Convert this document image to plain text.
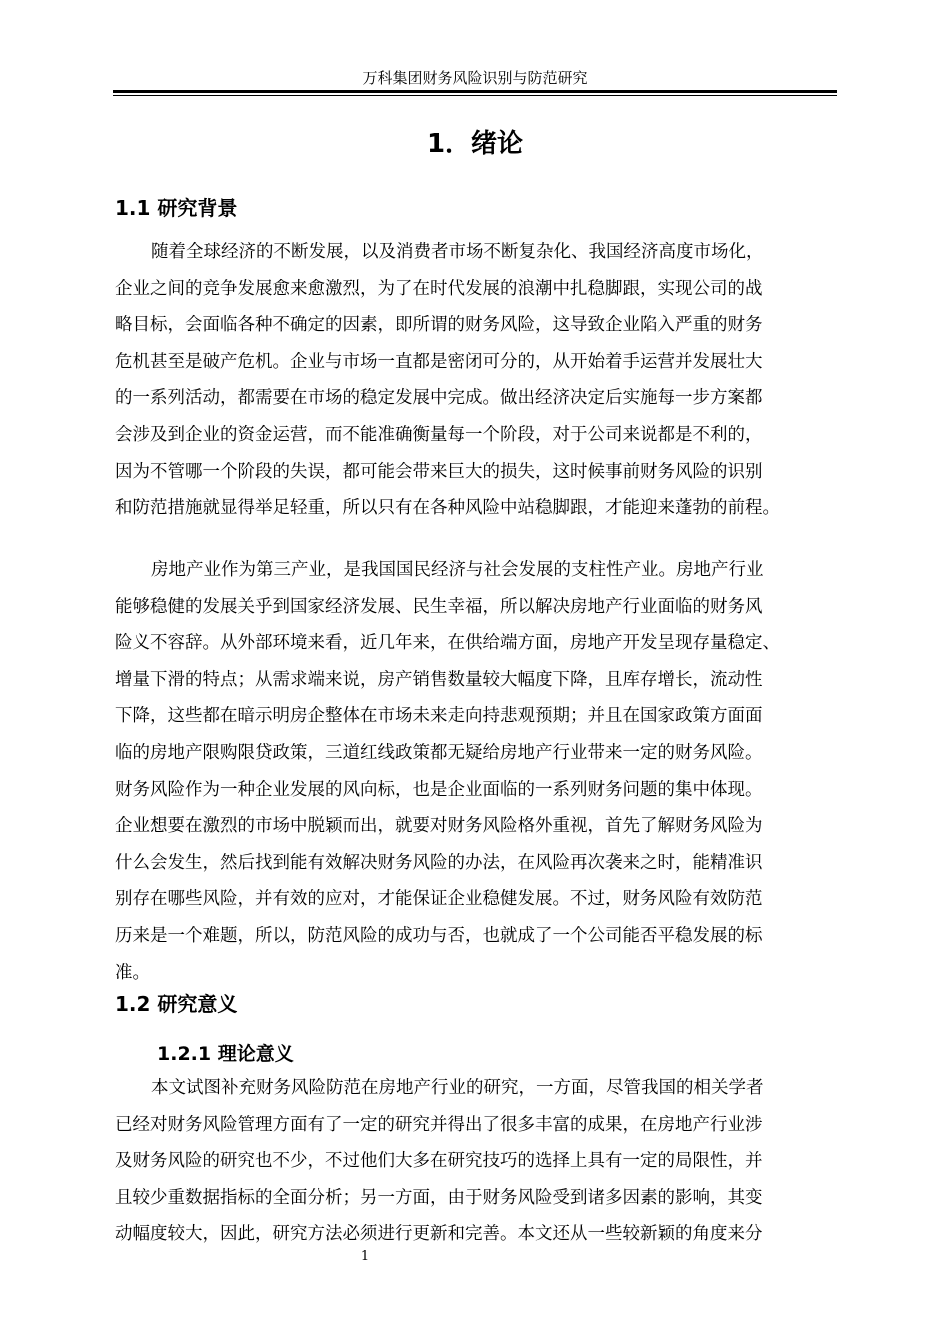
万科集团财务风险识别与防范研究
1．绪论
1.1 研究背景
随着全球经济的不断发展，以及消费者市场不断复杂化、我国经济高度市场化，
企业之间的竞争发展愈来愈激烈，为了在时代发展的浪潮中扎稳脚跟，实现公司的战
略目标，会面临各种不确定的因素，即所谓的财务风险，这导致企业陷入严重的财务
危机甚至是破产危机。企业与市场一直都是密闭可分的，从开始着手运营并发展壮大
的一系列活动，都需要在市场的稳定发展中完成。做出经济决定后实施每一步方案都
会涉及到企业的资金运营，而不能准确衡量每一个阶段，对于公司来说都是不利的，
因为不管哪一个阶段的失误，都可能会带来巨大的损失，这时候事前财务风险的识别
和防范措施就显得举足轻重，所以只有在各种风险中站稳脚跟，才能迎来蓬勃的前程。
房地产业作为第三产业，是我国国民经济与社会发展的支柱性产业。房地产行业
能够稳健的发展关乎到国家经济发展、民生幸福，所以解决房地产行业面临的财务风
险义不容辞。从外部环境来看，近几年来，在供给端方面，房地产开发呈现存量稳定、
增量下滑的特点；从需求端来说，房产销售数量较大幅度下降，且库存增长，流动性
下降，这些都在暗示明房企整体在市场未来走向持悲观预期；并且在国家政策方面面
临的房地产限购限贷政策，三道红线政策都无疑给房地产行业带来一定的财务风险。
财务风险作为一种企业发展的风向标，也是企业面临的一系列财务问题的集中体现。
企业想要在激烈的市场中脱颖而出，就要对财务风险格外重视，首先了解财务风险为
什么会发生，然后找到能有效解决财务风险的办法，在风险再次袭来之时，能精准识
别存在哪些风险，并有效的应对，才能保证企业稳健发展。不过，财务风险有效防范
历来是一个难题，所以，防范风险的成功与否，也就成了一个公司能否平稳发展的标
准。
1.2 研究意义
1.2.1 理论意义
本文试图补充财务风险防范在房地产行业的研究，一方面，尽管我国的相关学者
已经对财务风险管理方面有了一定的研究并得出了很多丰富的成果，在房地产行业涉
及财务风险的研究也不少，不过他们大多在研究技巧的选择上具有一定的局限性，并
且较少重数据指标的全面分析；另一方面，由于财务风险受到诸多因素的影响，其变
动幅度较大，因此，研究方法必须进行更新和完善。本文还从一些较新颖的角度来分
1
